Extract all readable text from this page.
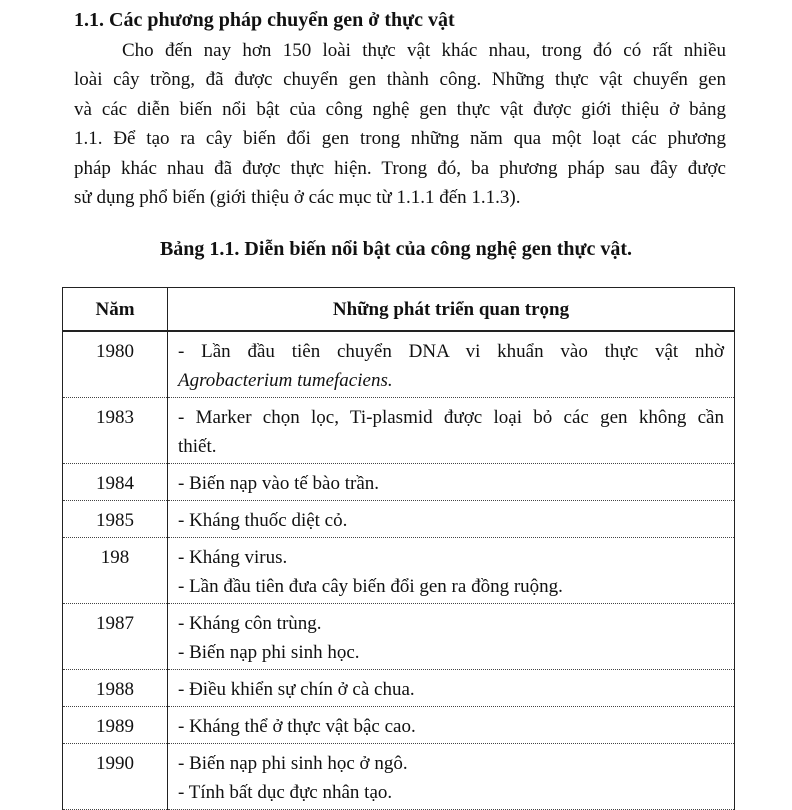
1.1. Các phương pháp chuyển gen ở thực vật
Cho đến nay hơn 150 loài thực vật khác nhau, trong đó có rất nhiều
loài cây trồng, đã được chuyển gen thành công. Những thực vật chuyển gen
và các diễn biến nổi bật của công nghệ gen thực vật được giới thiệu ở bảng
1.1. Để tạo ra cây biến đổi gen trong những năm qua một loạt các phương
pháp khác nhau đã được thực hiện. Trong đó, ba phương pháp sau đây được
sử dụng phổ biến (giới thiệu ở các mục từ 1.1.1 đến 1.1.3).
Bảng 1.1. Diễn biến nổi bật của công nghệ gen thực vật.
Năm	Những phát triển quan trọng
1980	- Lần đầu tiên chuyển DNA vi khuẩn vào thực vật nhờ
Agrobacterium tumefaciens.

1983	- Marker chọn lọc, Ti-plasmid được loại bỏ các gen không cần
thiết.

1984	- Biến nạp vào tế bào trần.

1985	- Kháng thuốc diệt cỏ.

198	- Kháng virus.
- Lần đầu tiên đưa cây biến đổi gen ra đồng ruộng.

1987	- Kháng côn trùng.
- Biến nạp phi sinh học.

1988	- Điều khiển sự chín ở cà chua.

1989	- Kháng thể ở thực vật bậc cao.

1990	- Biến nạp phi sinh học ở ngô.
- Tính bất dục đực nhân tạo.
